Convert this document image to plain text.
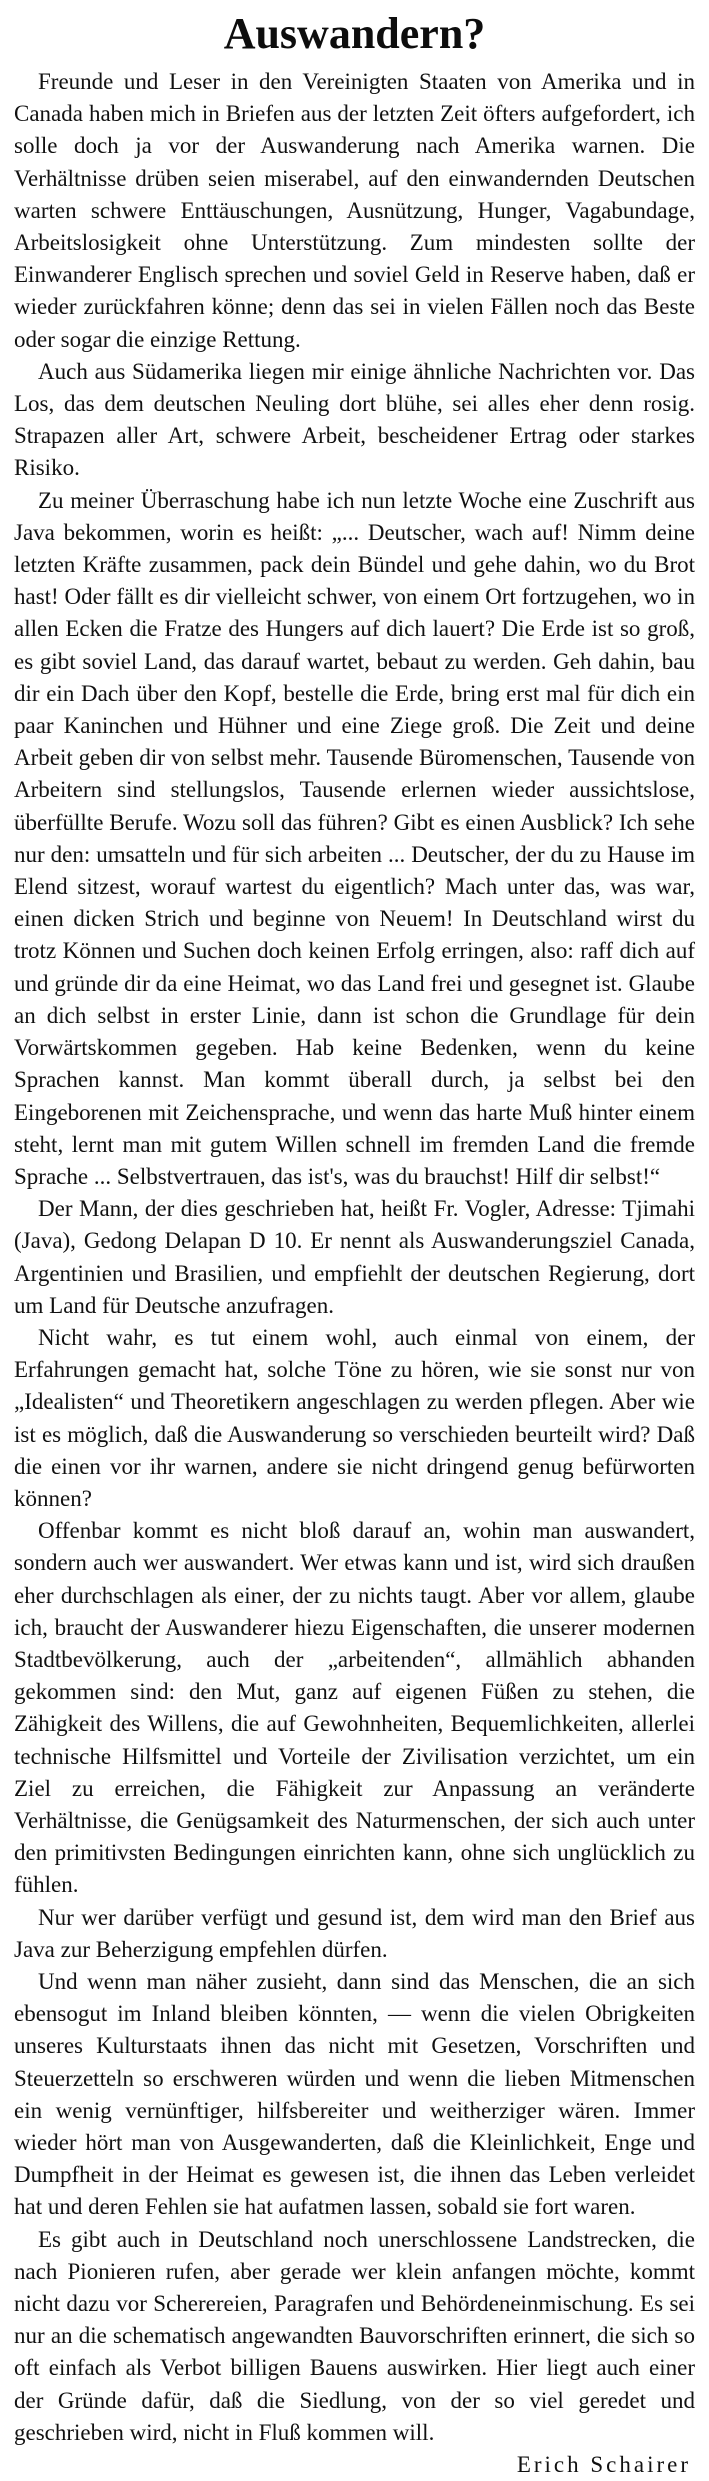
Auswandern?

Freunde und Leser in den Vereinigten Staaten von Amerika und in Canada haben mich in Briefen aus der letzten Zeit öfters aufgefordert, ich solle doch ja vor der Auswanderung nach Amerika warnen. Die Verhältnisse drüben seien miserabel, auf den einwandernden Deutschen warten schwere Enttäuschungen, Ausnützung, Hunger, Vagabundage, Arbeitslosigkeit ohne Unterstützung. Zum mindesten sollte der Einwanderer Englisch sprechen und soviel Geld in Reserve haben, daß er wieder zurückfahren könne; denn das sei in vielen Fällen noch das Beste oder sogar die einzige Rettung.

Auch aus Südamerika liegen mir einige ähnliche Nachrichten vor. Das Los, das dem deutschen Neuling dort blühe, sei alles eher denn rosig. Strapazen aller Art, schwere Arbeit, bescheidener Ertrag oder starkes Risiko.

Zu meiner Überraschung habe ich nun letzte Woche eine Zuschrift aus Java bekommen, worin es heißt: „... Deutscher, wach auf! Nimm deine letzten Kräfte zusammen, pack dein Bündel und gehe dahin, wo du Brot hast! Oder fällt es dir vielleicht schwer, von einem Ort fortzugehen, wo in allen Ecken die Fratze des Hungers auf dich lauert? Die Erde ist so groß, es gibt soviel Land, das darauf wartet, bebaut zu werden. Geh dahin, bau dir ein Dach über den Kopf, bestelle die Erde, bring erst mal für dich ein paar Kaninchen und Hühner und eine Ziege groß. Die Zeit und deine Arbeit geben dir von selbst mehr. Tausende Büromenschen, Tausende von Arbeitern sind stellungslos, Tausende erlernen wieder aussichtslose, überfüllte Berufe. Wozu soll das führen? Gibt es einen Ausblick? Ich sehe nur den: umsatteln und für sich arbeiten ... Deutscher, der du zu Hause im Elend sitzest, worauf wartest du eigentlich? Mach unter das, was war, einen dicken Strich und beginne von Neuem! In Deutschland wirst du trotz Können und Suchen doch keinen Erfolg erringen, also: raff dich auf und gründe dir da eine Heimat, wo das Land frei und gesegnet ist. Glaube an dich selbst in erster Linie, dann ist schon die Grundlage für dein Vorwärtskommen gegeben. Hab keine Bedenken, wenn du keine Sprachen kannst. Man kommt überall durch, ja selbst bei den Eingeborenen mit Zeichensprache, und wenn das harte Muß hinter einem steht, lernt man mit gutem Willen schnell im fremden Land die fremde Sprache ... Selbstvertrauen, das ist's, was du brauchst! Hilf dir selbst!“

Der Mann, der dies geschrieben hat, heißt Fr. Vogler, Adresse: Tjimahi (Java), Gedong Delapan D 10. Er nennt als Auswanderungsziel Canada, Argentinien und Brasilien, und empfiehlt der deutschen Regierung, dort um Land für Deutsche anzufragen.

Nicht wahr, es tut einem wohl, auch einmal von einem, der Erfahrungen gemacht hat, solche Töne zu hören, wie sie sonst nur von „Idealisten“ und Theoretikern angeschlagen zu werden pflegen. Aber wie ist es möglich, daß die Auswanderung so verschieden beurteilt wird? Daß die einen vor ihr warnen, andere sie nicht dringend genug befürworten können?

Offenbar kommt es nicht bloß darauf an, wohin man auswandert, sondern auch wer auswandert. Wer etwas kann und ist, wird sich draußen eher durchschlagen als einer, der zu nichts taugt. Aber vor allem, glaube ich, braucht der Auswanderer hiezu Eigenschaften, die unserer modernen Stadtbevölkerung, auch der „arbeitenden“, allmählich abhanden gekommen sind: den Mut, ganz auf eigenen Füßen zu stehen, die Zähigkeit des Willens, die auf Gewohnheiten, Bequemlichkeiten, allerlei technische Hilfsmittel und Vorteile der Zivilisation verzichtet, um ein Ziel zu erreichen, die Fähigkeit zur Anpassung an veränderte Verhältnisse, die Genügsamkeit des Naturmenschen, der sich auch unter den primitivsten Bedingungen einrichten kann, ohne sich unglücklich zu fühlen.

Nur wer darüber verfügt und gesund ist, dem wird man den Brief aus Java zur Beherzigung empfehlen dürfen.

Und wenn man näher zusieht, dann sind das Menschen, die an sich ebensogut im Inland bleiben könnten, — wenn die vielen Obrigkeiten unseres Kulturstaats ihnen das nicht mit Gesetzen, Vorschriften und Steuerzetteln so erschweren würden und wenn die lieben Mitmenschen ein wenig vernünftiger, hilfsbereiter und weitherziger wären. Immer wieder hört man von Ausgewanderten, daß die Kleinlichkeit, Enge und Dumpfheit in der Heimat es gewesen ist, die ihnen das Leben verleidet hat und deren Fehlen sie hat aufatmen lassen, sobald sie fort waren.

Es gibt auch in Deutschland noch unerschlossene Landstrecken, die nach Pionieren rufen, aber gerade wer klein anfangen möchte, kommt nicht dazu vor Scherereien, Paragrafen und Behördeneinmischung. Es sei nur an die schematisch angewandten Bauvorschriften erinnert, die sich so oft einfach als Verbot billigen Bauens auswirken. Hier liegt auch einer der Gründe dafür, daß die Siedlung, von der so viel geredet und geschrieben wird, nicht in Fluß kommen will.

Erich Schairer
